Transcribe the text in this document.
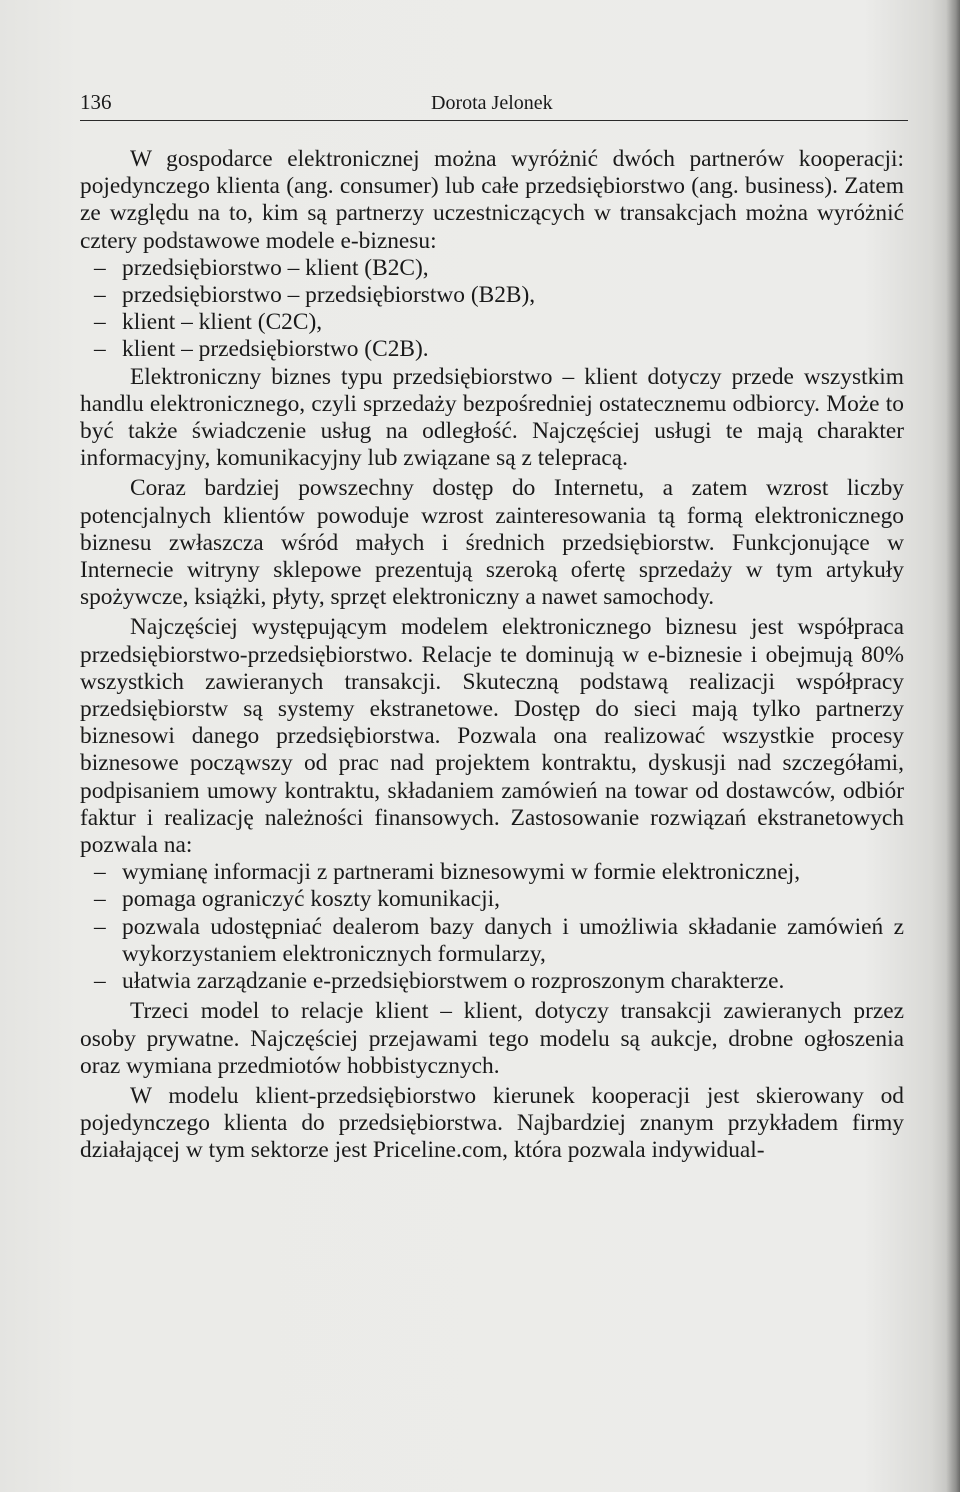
136	Dorota Jelonek

W gospodarce elektronicznej można wyróżnić dwóch partnerów kooperacji: pojedynczego klienta (ang. consumer) lub całe przedsiębiorstwo (ang. business). Zatem ze względu na to, kim są partnerzy uczestniczących w transakcjach można wyróżnić cztery podstawowe modele e-biznesu:

– przedsiębiorstwo – klient (B2C),
– przedsiębiorstwo – przedsiębiorstwo (B2B),
– klient – klient (C2C),
– klient – przedsiębiorstwo (C2B).

Elektroniczny biznes typu przedsiębiorstwo – klient dotyczy przede wszystkim handlu elektronicznego, czyli sprzedaży bezpośredniej ostatecznemu odbiorcy. Może to być także świadczenie usług na odległość. Najczęściej usługi te mają charakter informacyjny, komunikacyjny lub związane są z telepracą.

Coraz bardziej powszechny dostęp do Internetu, a zatem wzrost liczby potencjalnych klientów powoduje wzrost zainteresowania tą formą elektronicznego biznesu zwłaszcza wśród małych i średnich przedsiębiorstw. Funkcjonujące w Internecie witryny sklepowe prezentują szeroką ofertę sprzedaży w tym artykuły spożywcze, książki, płyty, sprzęt elektroniczny a nawet samochody.

Najczęściej występującym modelem elektronicznego biznesu jest współpraca przedsiębiorstwo-przedsiębiorstwo. Relacje te dominują w e-biznesie i obejmują 80% wszystkich zawieranych transakcji. Skuteczną podstawą realizacji współpracy przedsiębiorstw są systemy ekstranetowe. Dostęp do sieci mają tylko partnerzy biznesowi danego przedsiębiorstwa. Pozwala ona realizować wszystkie procesy biznesowe począwszy od prac nad projektem kontraktu, dyskusji nad szczegółami, podpisaniem umowy kontraktu, składaniem zamówień na towar od dostawców, odbiór faktur i realizację należności finansowych. Zastosowanie rozwiązań ekstranetowych pozwala na:

– wymianę informacji z partnerami biznesowymi w formie elektronicznej,
– pomaga ograniczyć koszty komunikacji,
– pozwala udostępniać dealerom bazy danych i umożliwia składanie zamówień z wykorzystaniem elektronicznych formularzy,
– ułatwia zarządzanie e-przedsiębiorstwem o rozproszonym charakterze.

Trzeci model to relacje klient – klient, dotyczy transakcji zawieranych przez osoby prywatne. Najczęściej przejawami tego modelu są aukcje, drobne ogłoszenia oraz wymiana przedmiotów hobbistycznych.

W modelu klient-przedsiębiorstwo kierunek kooperacji jest skierowany od pojedynczego klienta do przedsiębiorstwa. Najbardziej znanym przykładem firmy działającej w tym sektorze jest Priceline.com, która pozwala indywidual-
